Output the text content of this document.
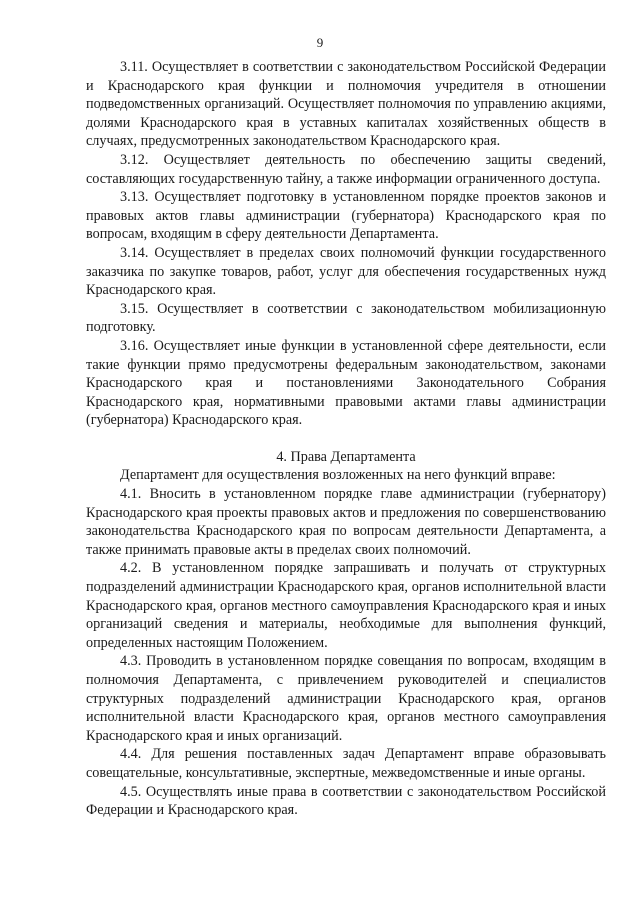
9

3.11. Осуществляет в соответствии с законодательством Российской Федерации и Краснодарского края функции и полномочия учредителя в отношении подведомственных организаций. Осуществляет полномочия по управлению акциями, долями Краснодарского края в уставных капиталах хозяйственных обществ в случаях, предусмотренных законодательством Краснодарского края.

3.12. Осуществляет деятельность по обеспечению защиты сведений, составляющих государственную тайну, а также информации ограниченного доступа.

3.13. Осуществляет подготовку в установленном порядке проектов законов и правовых актов главы администрации (губернатора) Краснодарского края по вопросам, входящим в сферу деятельности Департамента.

3.14. Осуществляет в пределах своих полномочий функции государственного заказчика по закупке товаров, работ, услуг для обеспечения государственных нужд Краснодарского края.

3.15. Осуществляет в соответствии с законодательством мобилизационную подготовку.

3.16. Осуществляет иные функции в установленной сфере деятельности, если такие функции прямо предусмотрены федеральным законодательством, законами Краснодарского края и постановлениями Законодательного Собрания Краснодарского края, нормативными правовыми актами главы администрации (губернатора) Краснодарского края.

4. Права Департамента

Департамент для осуществления возложенных на него функций вправе:

4.1. Вносить в установленном порядке главе администрации (губернатору) Краснодарского края проекты правовых актов и предложения по совершенствованию законодательства Краснодарского края по вопросам деятельности Департамента, а также принимать правовые акты в пределах своих полномочий.

4.2. В установленном порядке запрашивать и получать от структурных подразделений администрации Краснодарского края, органов исполнительной власти Краснодарского края, органов местного самоуправления Краснодарского края и иных организаций сведения и материалы, необходимые для выполнения функций, определенных настоящим Положением.

4.3. Проводить в установленном порядке совещания по вопросам, входящим в полномочия Департамента, с привлечением руководителей и специалистов структурных подразделений администрации Краснодарского края, органов исполнительной власти Краснодарского края, органов местного самоуправления Краснодарского края и иных организаций.

4.4. Для решения поставленных задач Департамент вправе образовывать совещательные, консультативные, экспертные, межведомственные и иные органы.

4.5. Осуществлять иные права в соответствии с законодательством Российской Федерации и Краснодарского края.
